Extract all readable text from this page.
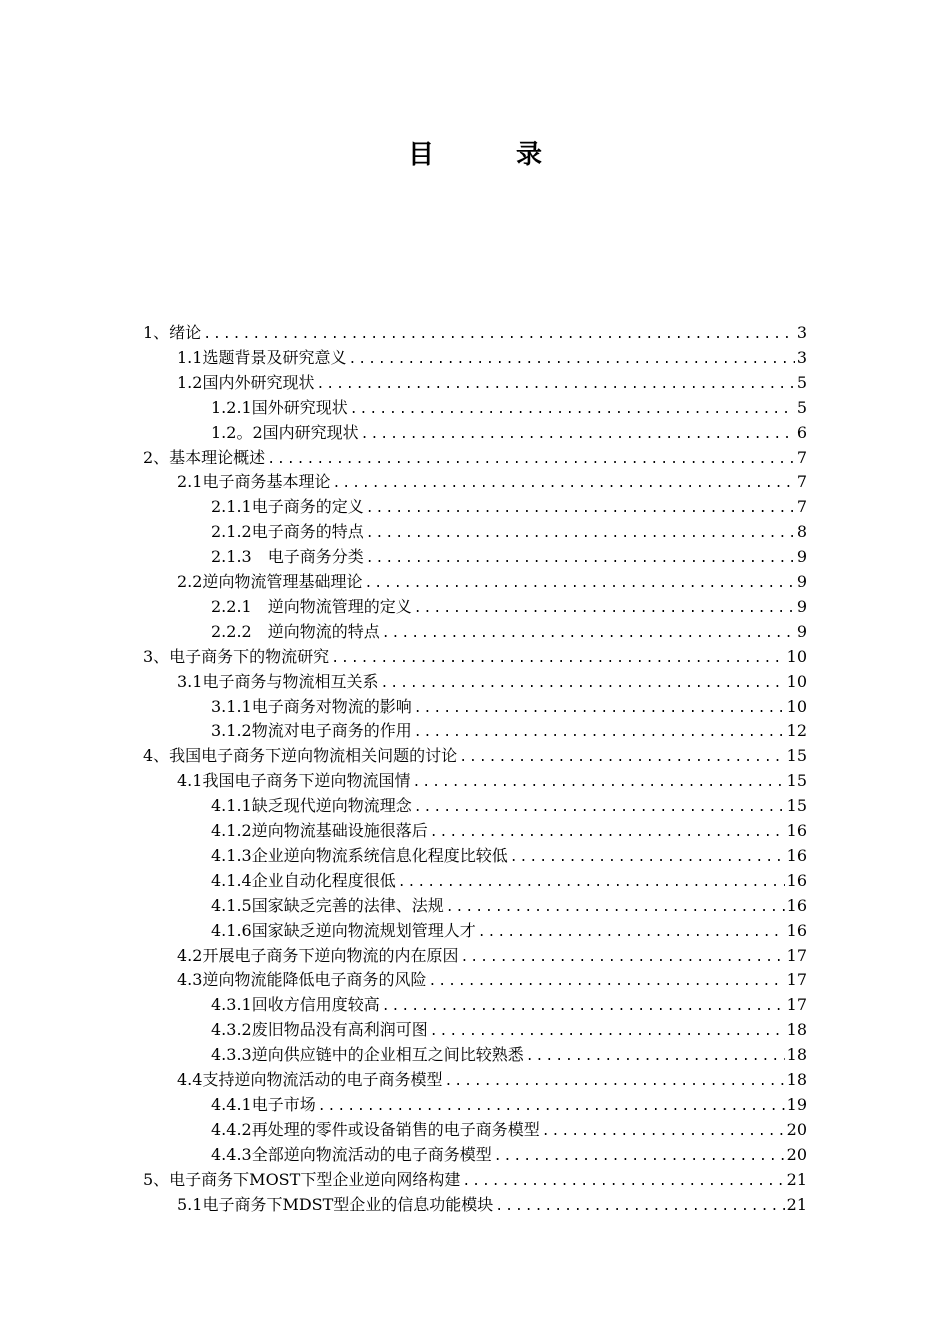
目　录
1、绪论 .....	3
1.1选题背景及研究意义 .....	3
1.2国内外研究现状 .....	5
1.2.1国外研究现状 .....	5
1.2。2国内研究现状 .....	6
2、基本理论概述 .....	7
2.1电子商务基本理论 .....	7
2.1.1电子商务的定义 .....	7
2.1.2电子商务的特点 .....	8
2.1.3　电子商务分类 .....	9
2.2逆向物流管理基础理论 .....	9
2.2.1　逆向物流管理的定义 .....	9
2.2.2　逆向物流的特点 .....	9
3、电子商务下的物流研究 .....	10
3.1电子商务与物流相互关系 .....	10
3.1.1电子商务对物流的影响 .....	10
3.1.2物流对电子商务的作用 .....	12
4、我国电子商务下逆向物流相关问题的讨论 .....	15
4.1我国电子商务下逆向物流国情 .....	15
4.1.1缺乏现代逆向物流理念 .....	15
4.1.2逆向物流基础设施很落后 .....	16
4.1.3企业逆向物流系统信息化程度比较低 .....	16
4.1.4企业自动化程度很低 .....	16
4.1.5国家缺乏完善的法律、法规 .....	16
4.1.6国家缺乏逆向物流规划管理人才 .....	16
4.2开展电子商务下逆向物流的内在原因 .....	17
4.3逆向物流能降低电子商务的风险 .....	17
4.3.1回收方信用度较高 .....	17
4.3.2废旧物品没有高利润可图 .....	18
4.3.3逆向供应链中的企业相互之间比较熟悉 .....	18
4.4支持逆向物流活动的电子商务模型 .....	18
4.4.1电子市场 .....	19
4.4.2再处理的零件或设备销售的电子商务模型 .....	20
4.4.3全部逆向物流活动的电子商务模型 .....	20
5、电子商务下MOST下型企业逆向网络构建 .....	21
5.1电子商务下MDST型企业的信息功能模块 .....	21
